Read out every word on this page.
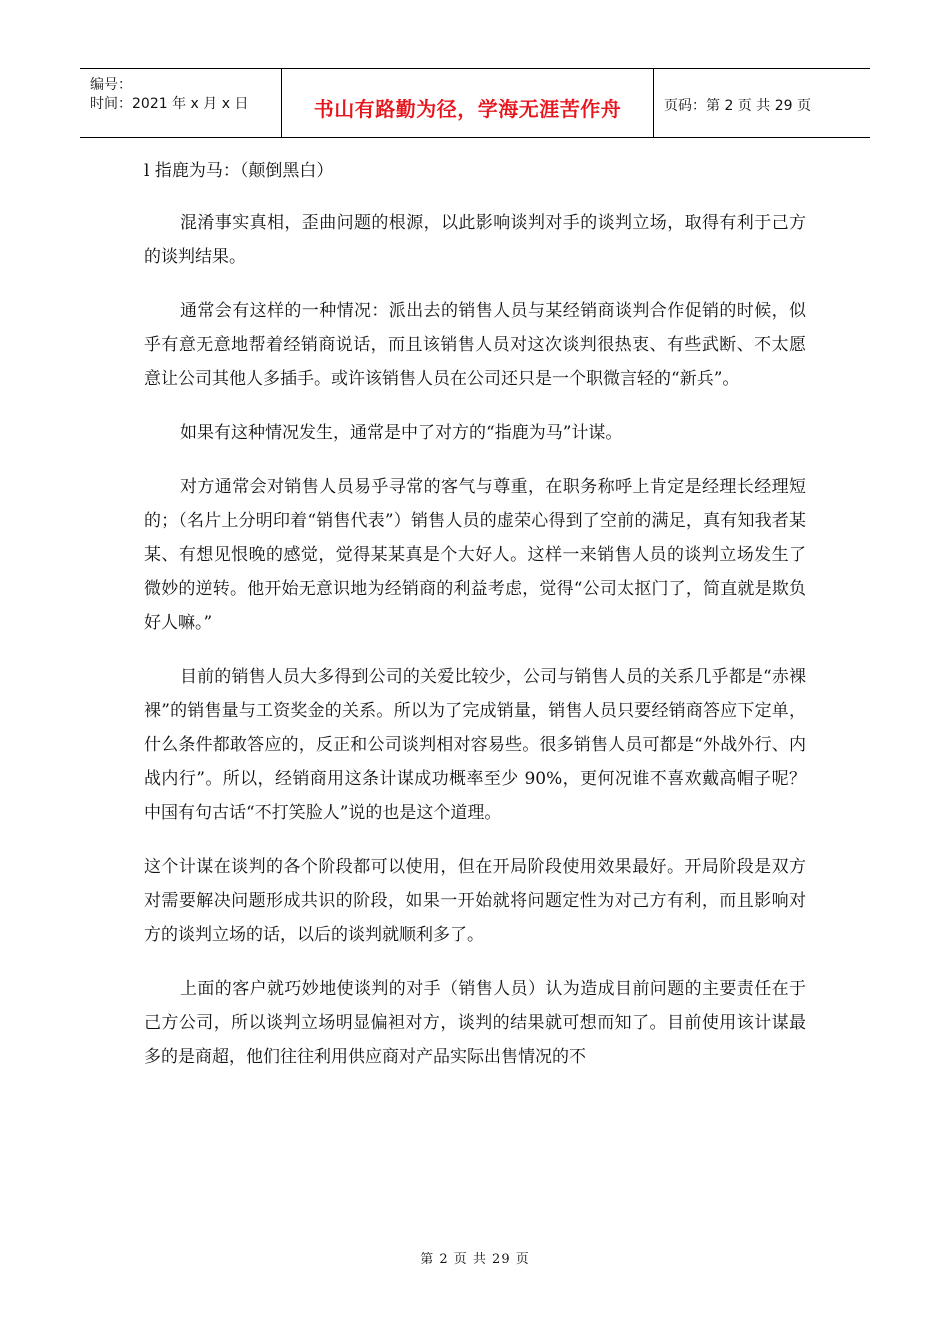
编号：
时间：2021 年 x 月 x 日	书山有路勤为径，学海无涯苦作舟	页码：第 2 页 共 29 页

l 指鹿为马：（颠倒黑白）

混淆事实真相，歪曲问题的根源，以此影响谈判对手的谈判立场，取得有利于己方的谈判结果。

通常会有这样的一种情况：派出去的销售人员与某经销商谈判合作促销的时候，似乎有意无意地帮着经销商说话，而且该销售人员对这次谈判很热衷、有些武断、不太愿意让公司其他人多插手。或许该销售人员在公司还只是一个职微言轻的“新兵”。

如果有这种情况发生，通常是中了对方的“指鹿为马”计谋。

对方通常会对销售人员易乎寻常的客气与尊重，在职务称呼上肯定是经理长经理短的；（名片上分明印着“销售代表”）销售人员的虚荣心得到了空前的满足，真有知我者某某、有想见恨晚的感觉，觉得某某真是个大好人。这样一来销售人员的谈判立场发生了微妙的逆转。他开始无意识地为经销商的利益考虑，觉得“公司太抠门了，简直就是欺负好人嘛。”

目前的销售人员大多得到公司的关爱比较少，公司与销售人员的关系几乎都是“赤裸裸”的销售量与工资奖金的关系。所以为了完成销量，销售人员只要经销商答应下定单，什么条件都敢答应的，反正和公司谈判相对容易些。很多销售人员可都是“外战外行、内战内行”。所以，经销商用这条计谋成功概率至少 90%，更何况谁不喜欢戴高帽子呢？中国有句古话“不打笑脸人”说的也是这个道理。

这个计谋在谈判的各个阶段都可以使用，但在开局阶段使用效果最好。开局阶段是双方对需要解决问题形成共识的阶段，如果一开始就将问题定性为对己方有利，而且影响对方的谈判立场的话，以后的谈判就顺利多了。

上面的客户就巧妙地使谈判的对手（销售人员）认为造成目前问题的主要责任在于己方公司，所以谈判立场明显偏袒对方，谈判的结果就可想而知了。目前使用该计谋最多的是商超，他们往往利用供应商对产品实际出售情况的不

第 2 页 共 29 页
